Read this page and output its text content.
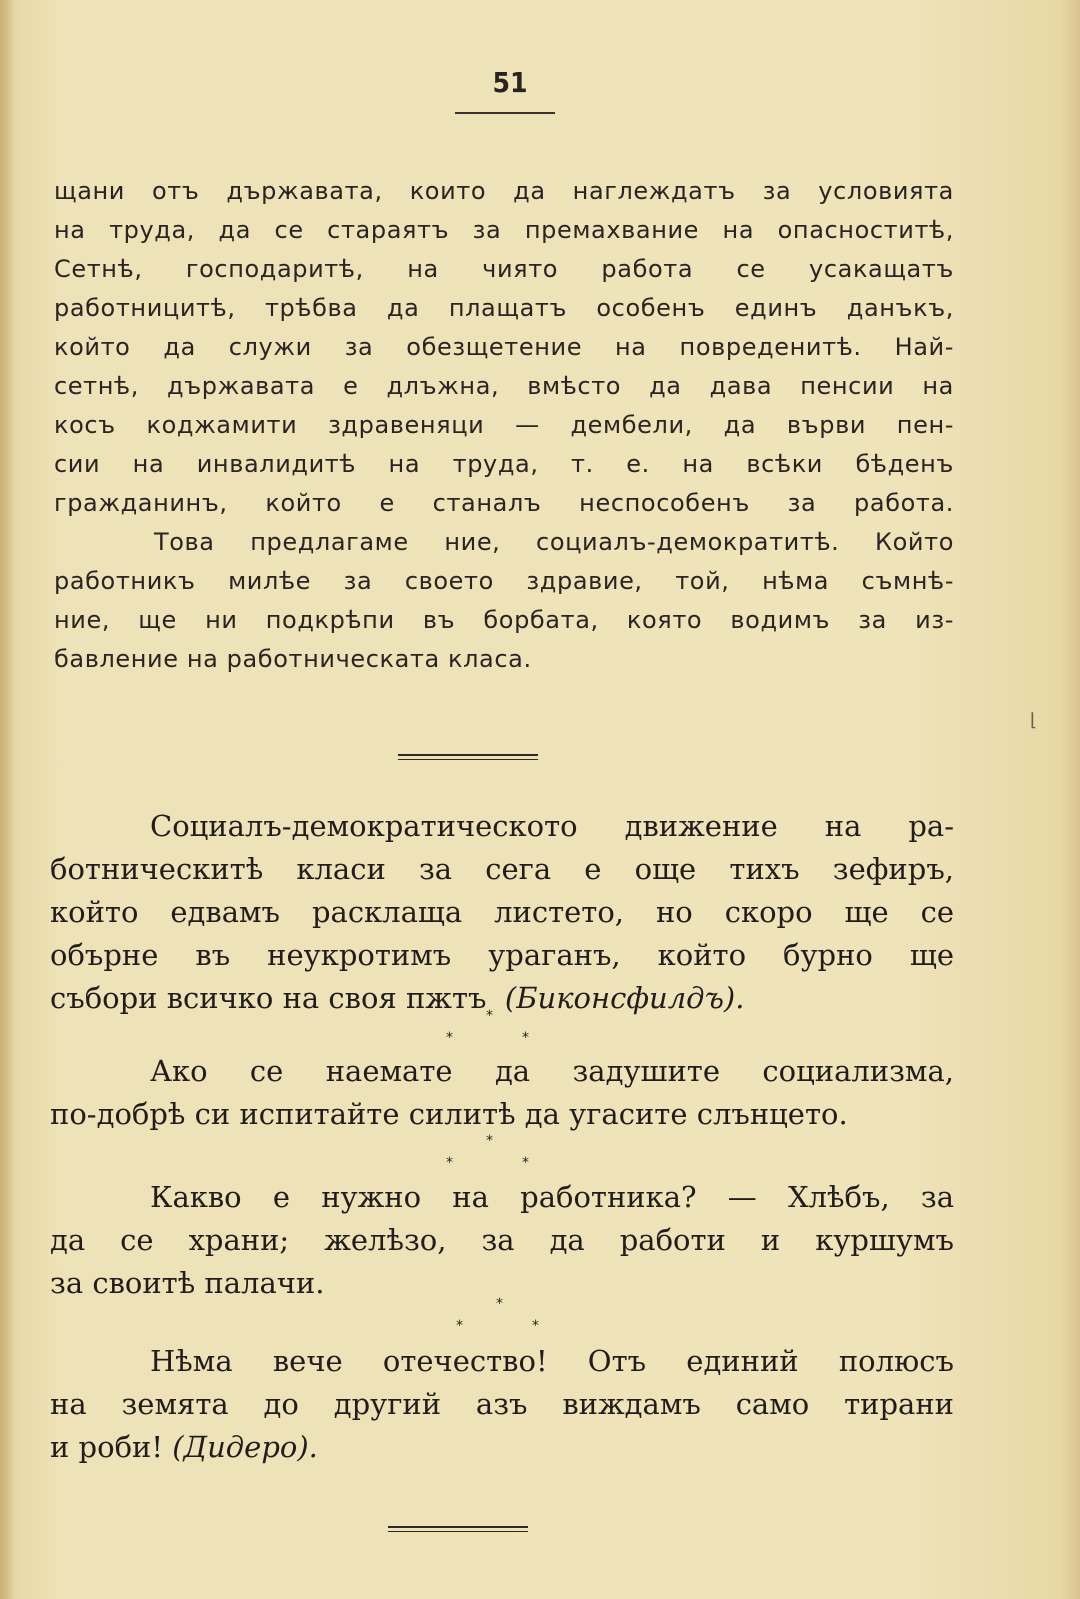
51
щани отъ държавата, които да наглеждатъ за условията
на труда, да се стараятъ за премахвание на опасноститѣ,
Сетнѣ, господаритѣ, на чиято работа се усакащатъ
работницитѣ, трѣбва да плащатъ особенъ единъ данъкъ,
който да служи за обезщетение на повреденитѣ. Най-
сетнѣ, държавата е длъжна, вмѣсто да дава пенсии на
косъ коджамити здравеняци — дембели, да върви пен-
сии на инвалидитѣ на труда, т. е. на всѣки бѣденъ
гражданинъ, който е станалъ неспособенъ за работа.
Това предлагаме ние, социалъ-демократитѣ. Който
работникъ милѣе за своето здравие, той, нѣма съмнѣ-
ние, ще ни подкрѣпи въ борбата, която водимъ за из-
бавление на работническата класа.
⌊
Социалъ-демократическото движение на ра-
ботническитѣ класи за сега е още тихъ зефиръ,
който едвамъ расклаща листето, но скоро ще се
обърне въ неукротимъ ураганъ, който бурно ще
събори всичко на своя пжтъ (Биконсфилдъ).
*
*	*
Ако се наемате да задушите социализма,
по-добрѣ си испитайте силитѣ да угасите слънцето.
*
*	*
Какво е нужно на работника? — Хлѣбъ, за
да се храни; желѣзо, за да работи и куршумъ
за своитѣ палачи.
*
*	*
Нѣма вече отечество! Отъ единий полюсъ
на земята до другий азъ виждамъ само тирани
и роби! (Дидеро).
